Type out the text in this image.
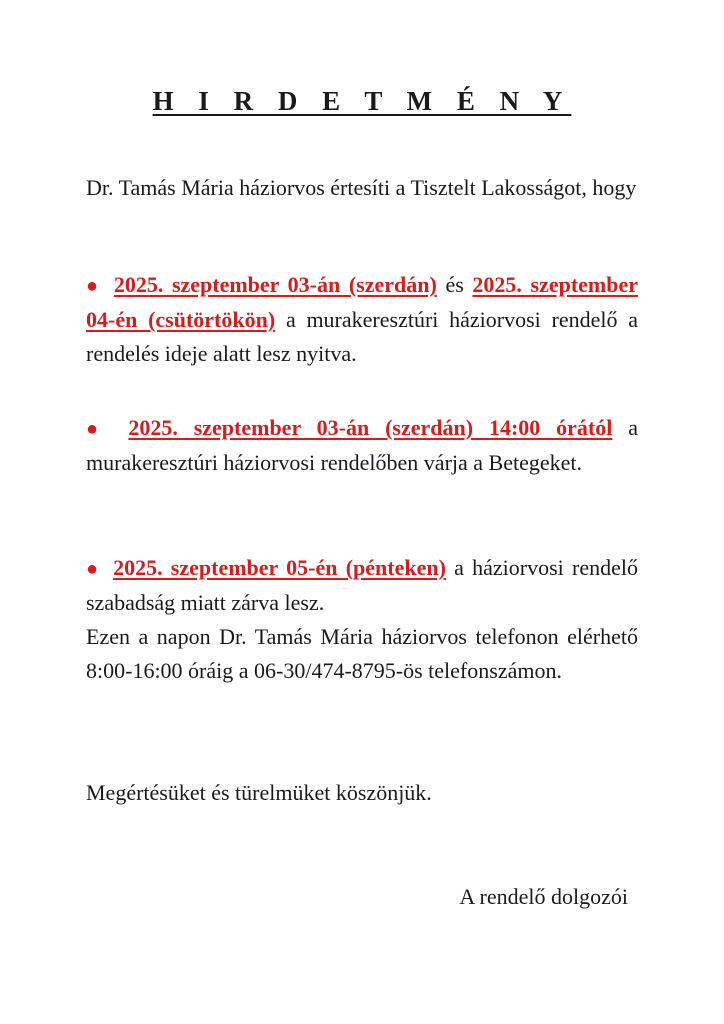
H I R D E T M É N Y
Dr. Tamás Mária háziorvos értesíti a Tisztelt Lakosságot, hogy
● 2025. szeptember 03-án (szerdán) és 2025. szeptember 04-én (csütörtökön) a murakeresztúri háziorvosi rendelő a rendelés ideje alatt lesz nyitva.
● 2025. szeptember 03-án (szerdán) 14:00 órától a murakeresztúri háziorvosi rendelőben várja a Betegeket.
● 2025. szeptember 05-én (pénteken) a háziorvosi rendelő szabadság miatt zárva lesz.
Ezen a napon Dr. Tamás Mária háziorvos telefonon elérhető 8:00-16:00 óráig a 06-30/474-8795-ös telefonszámon.
Megértésüket és türelmüket köszönjük.
A rendelő dolgozói
